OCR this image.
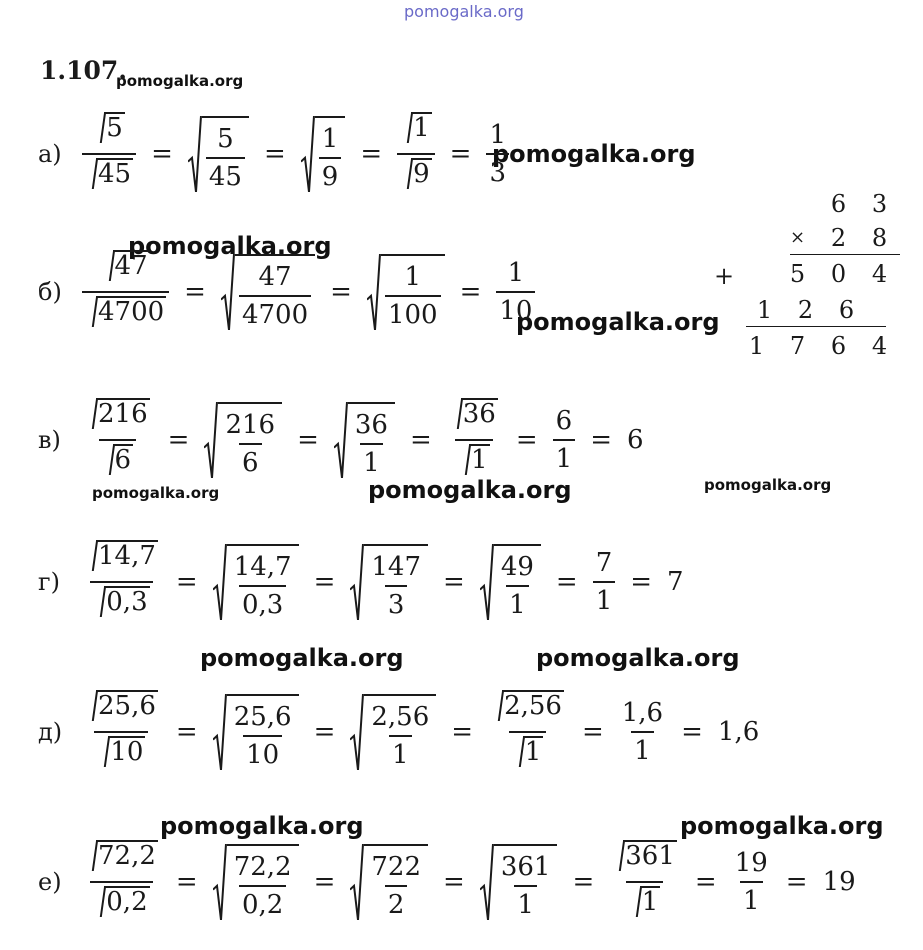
pomogalka.org
pomogalka.org
pomogalka.org
pomogalka.org
pomogalka.org
pomogalka.org	pomogalka.org	pomogalka.org
pomogalka.org	pomogalka.org
pomogalka.org	pomogalka.org
1.107.
$а) \frac{5}{45} = \frac{5}{45} = \frac{1}{9} = \frac{1}{9} = \frac{1}{3}$
$б) \frac{47}{4700} = \frac{47}{4700} = \frac{1}{100} = \frac{1}{10}$
$в) \frac{216}{6} = \frac{216}{6} = \frac{36}{1} = \frac{36}{1} = \frac{6}{1} = 6$
$г) \frac{14,7}{0,3} = \frac{14,7}{0,3} = \frac{147}{3} = \frac{49}{1} = \frac{7}{1} = 7$
$д) \frac{25,6}{10} = \frac{25,6}{10} = \frac{2,56}{1} = \frac{2,56}{1} = \frac{1,6}{1} = 1,6$
$е) \frac{72,2}{0,2} = \frac{72,2}{0,2} = \frac{722}{2} = \frac{361}{1} = \frac{361}{1} = \frac{19}{1} = 19$
6	3
×	2	8
+	5	0	4
1	2	6
1	7	6	4
